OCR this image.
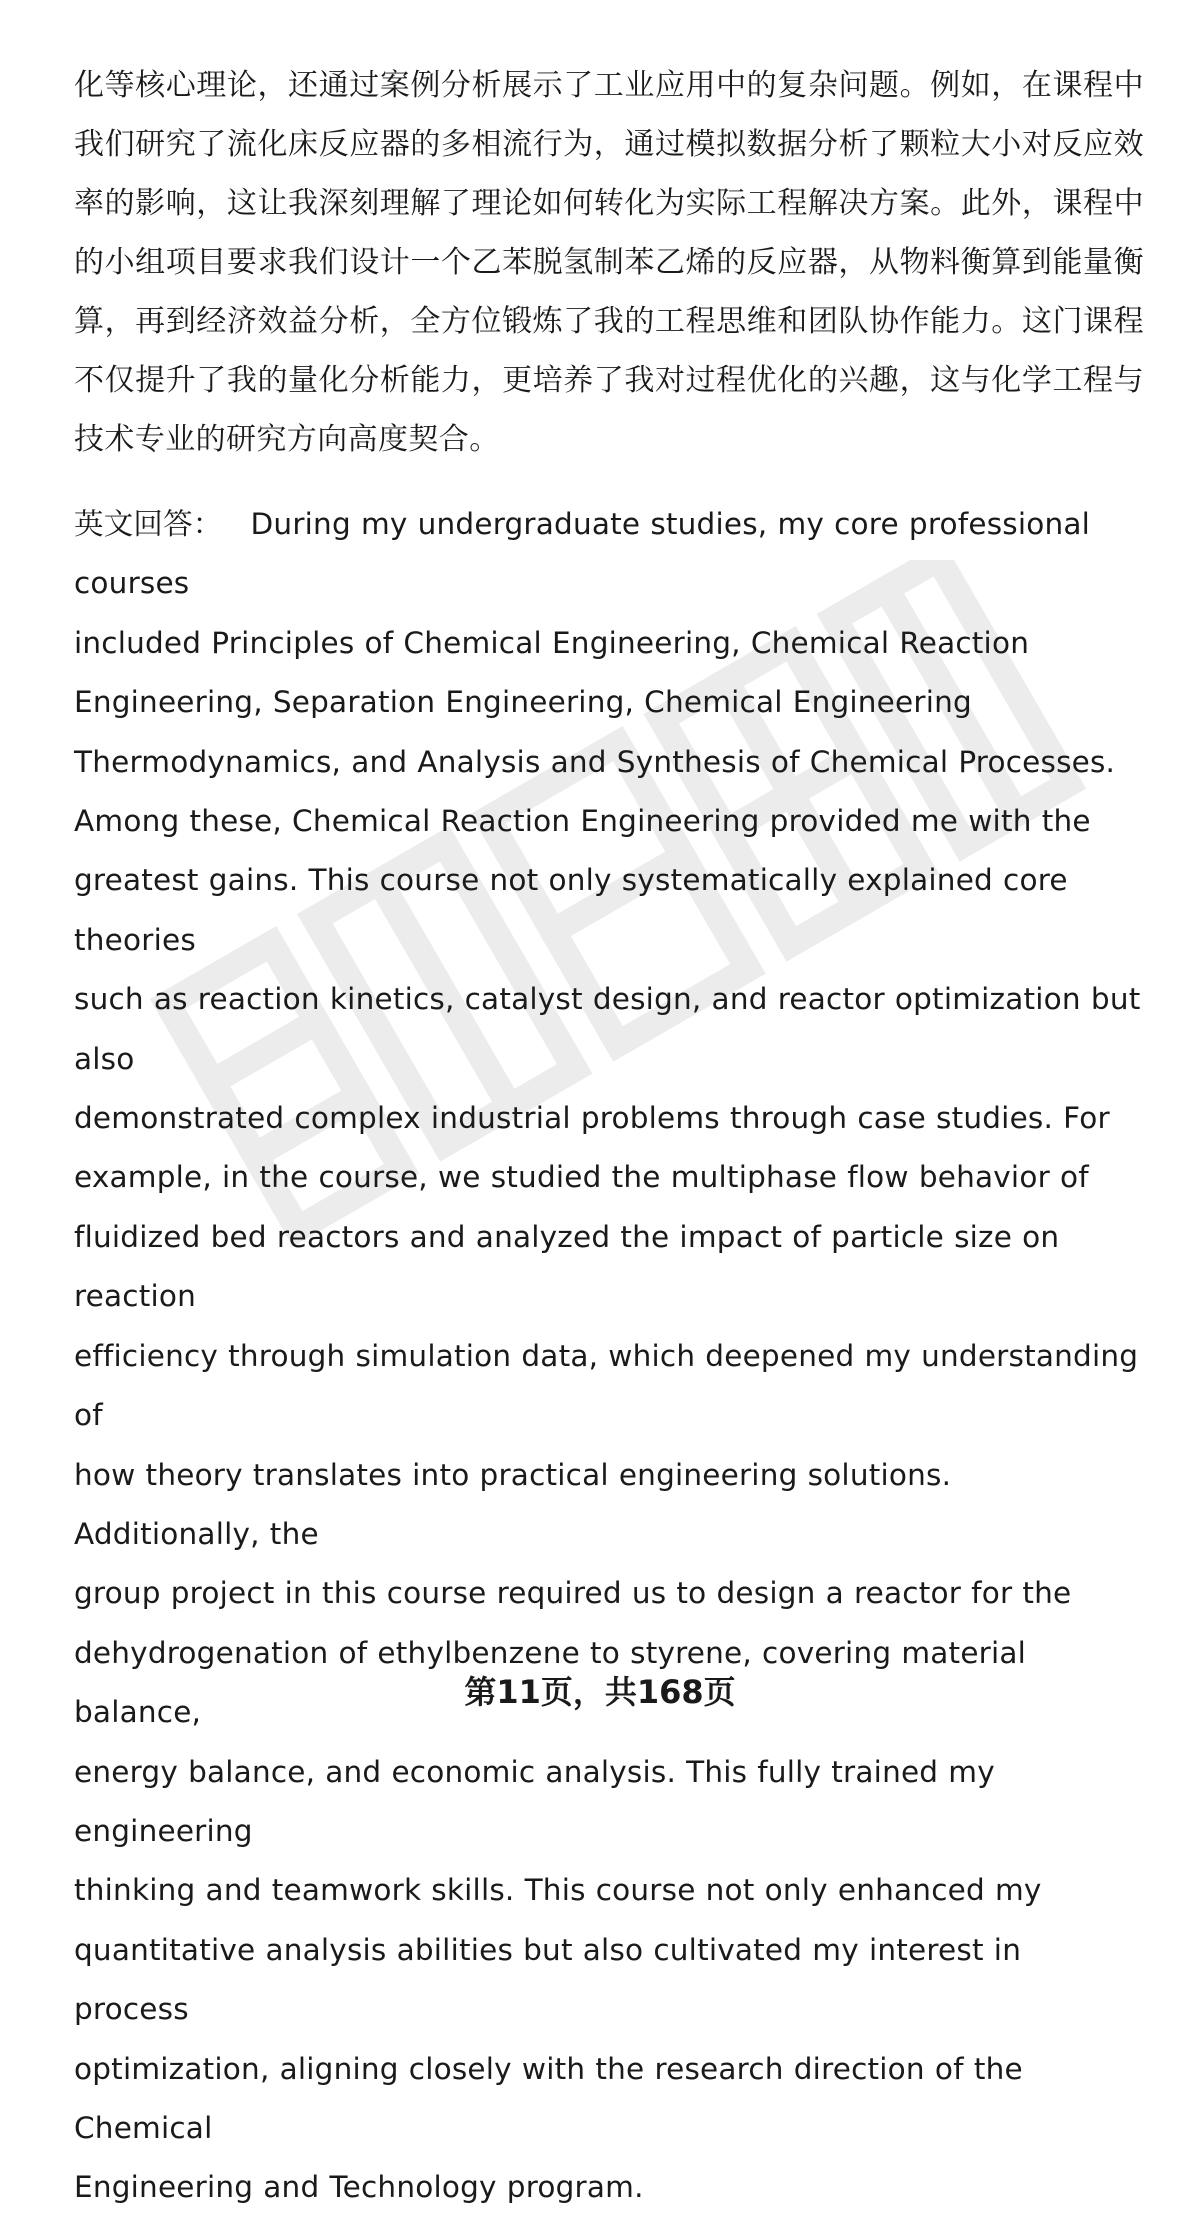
化等核心理论，还通过案例分析展示了工业应用中的复杂问题。例如，在课程中我们研究了流化床反应器的多相流行为，通过模拟数据分析了颗粒大小对反应效率的影响，这让我深刻理解了理论如何转化为实际工程解决方案。此外，课程中的小组项目要求我们设计一个乙苯脱氢制苯乙烯的反应器，从物料衡算到能量衡算，再到经济效益分析，全方位锻炼了我的工程思维和团队协作能力。这门课程不仅提升了我的量化分析能力，更培养了我对过程优化的兴趣，这与化学工程与技术专业的研究方向高度契合。

英文回答： During my undergraduate studies, my core professional courses
included Principles of Chemical Engineering, Chemical Reaction
Engineering, Separation Engineering, Chemical Engineering
Thermodynamics, and Analysis and Synthesis of Chemical Processes.
Among these, Chemical Reaction Engineering provided me with the
greatest gains. This course not only systematically explained core theories
such as reaction kinetics, catalyst design, and reactor optimization but also
demonstrated complex industrial problems through case studies. For
example, in the course, we studied the multiphase flow behavior of
fluidized bed reactors and analyzed the impact of particle size on reaction
efficiency through simulation data, which deepened my understanding of
how theory translates into practical engineering solutions. Additionally, the
group project in this course required us to design a reactor for the
dehydrogenation of ethylbenzene to styrene, covering material balance,
energy balance, and economic analysis. This fully trained my engineering
thinking and teamwork skills. This course not only enhanced my
quantitative analysis abilities but also cultivated my interest in process
optimization, aligning closely with the research direction of the Chemical
Engineering and Technology program.
第11页，共168页
